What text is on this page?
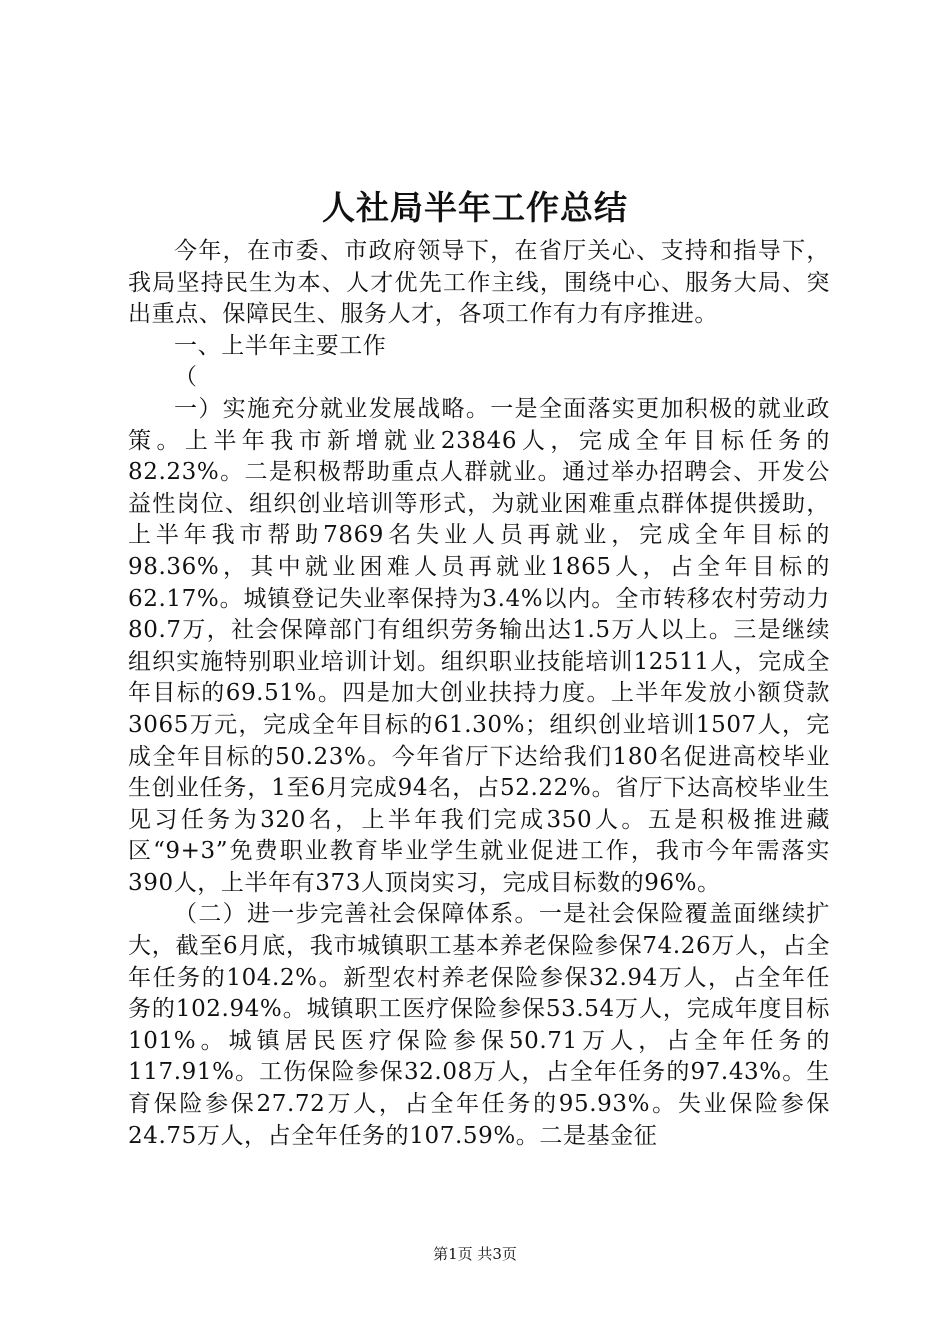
人社局半年工作总结

今年，在市委、市政府领导下，在省厅关心、支持和指导下，我局坚持民生为本、人才优先工作主线，围绕中心、服务大局、突出重点、保障民生、服务人才，各项工作有力有序推进。

一、上半年主要工作

（

一）实施充分就业发展战略。一是全面落实更加积极的就业政策。上半年我市新增就业23846人，完成全年目标任务的82.23%。二是积极帮助重点人群就业。通过举办招聘会、开发公益性岗位、组织创业培训等形式，为就业困难重点群体提供援助，上半年我市帮助7869名失业人员再就业，完成全年目标的98.36%，其中就业困难人员再就业1865人，占全年目标的62.17%。城镇登记失业率保持为3.4%以内。全市转移农村劳动力80.7万，社会保障部门有组织劳务输出达1.5万人以上。三是继续组织实施特别职业培训计划。组织职业技能培训12511人，完成全年目标的69.51%。四是加大创业扶持力度。上半年发放小额贷款3065万元，完成全年目标的61.30%；组织创业培训1507人，完成全年目标的50.23%。今年省厅下达给我们180名促进高校毕业生创业任务，1至6月完成94名，占52.22%。省厅下达高校毕业生见习任务为320名，上半年我们完成350人。五是积极推进藏区“9+3”免费职业教育毕业学生就业促进工作，我市今年需落实390人，上半年有373人顶岗实习，完成目标数的96%。

（二）进一步完善社会保障体系。一是社会保险覆盖面继续扩大，截至6月底，我市城镇职工基本养老保险参保74.26万人，占全年任务的104.2%。新型农村养老保险参保32.94万人，占全年任务的102.94%。城镇职工医疗保险参保53.54万人，完成年度目标101%。城镇居民医疗保险参保50.71万人，占全年任务的117.91%。工伤保险参保32.08万人，占全年任务的97.43%。生育保险参保27.72万人，占全年任务的95.93%。失业保险参保24.75万人，占全年任务的107.59%。二是基金征

第1页 共3页
